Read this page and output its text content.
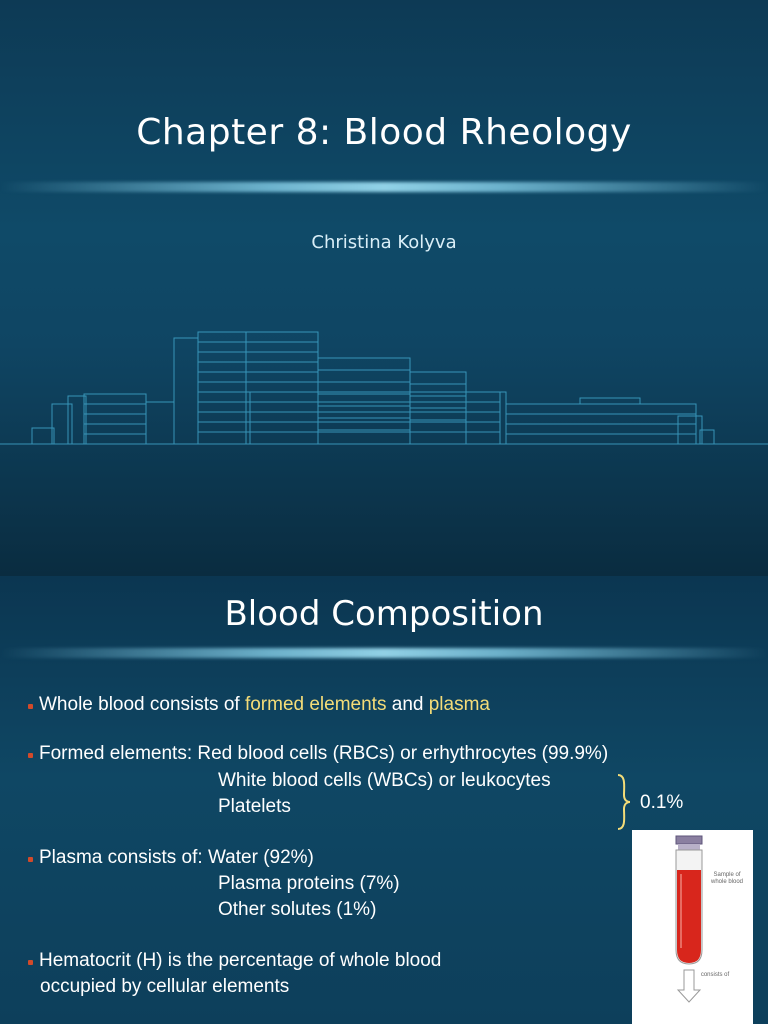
Chapter 8: Blood Rheology
Christina Kolyva
Blood Composition
Whole blood consists of formed elements and plasma
Formed elements: Red blood cells (RBCs) or erhythrocytes (99.9%)
White blood cells (WBCs) or leukocytes
Platelets	0.1%
Plasma consists of: Water (92%)
Plasma proteins (7%)
Other solutes (1%)
Hematocrit (H) is the percentage of whole blood
occupied by cellular elements
Sample of whole blood
consists of
